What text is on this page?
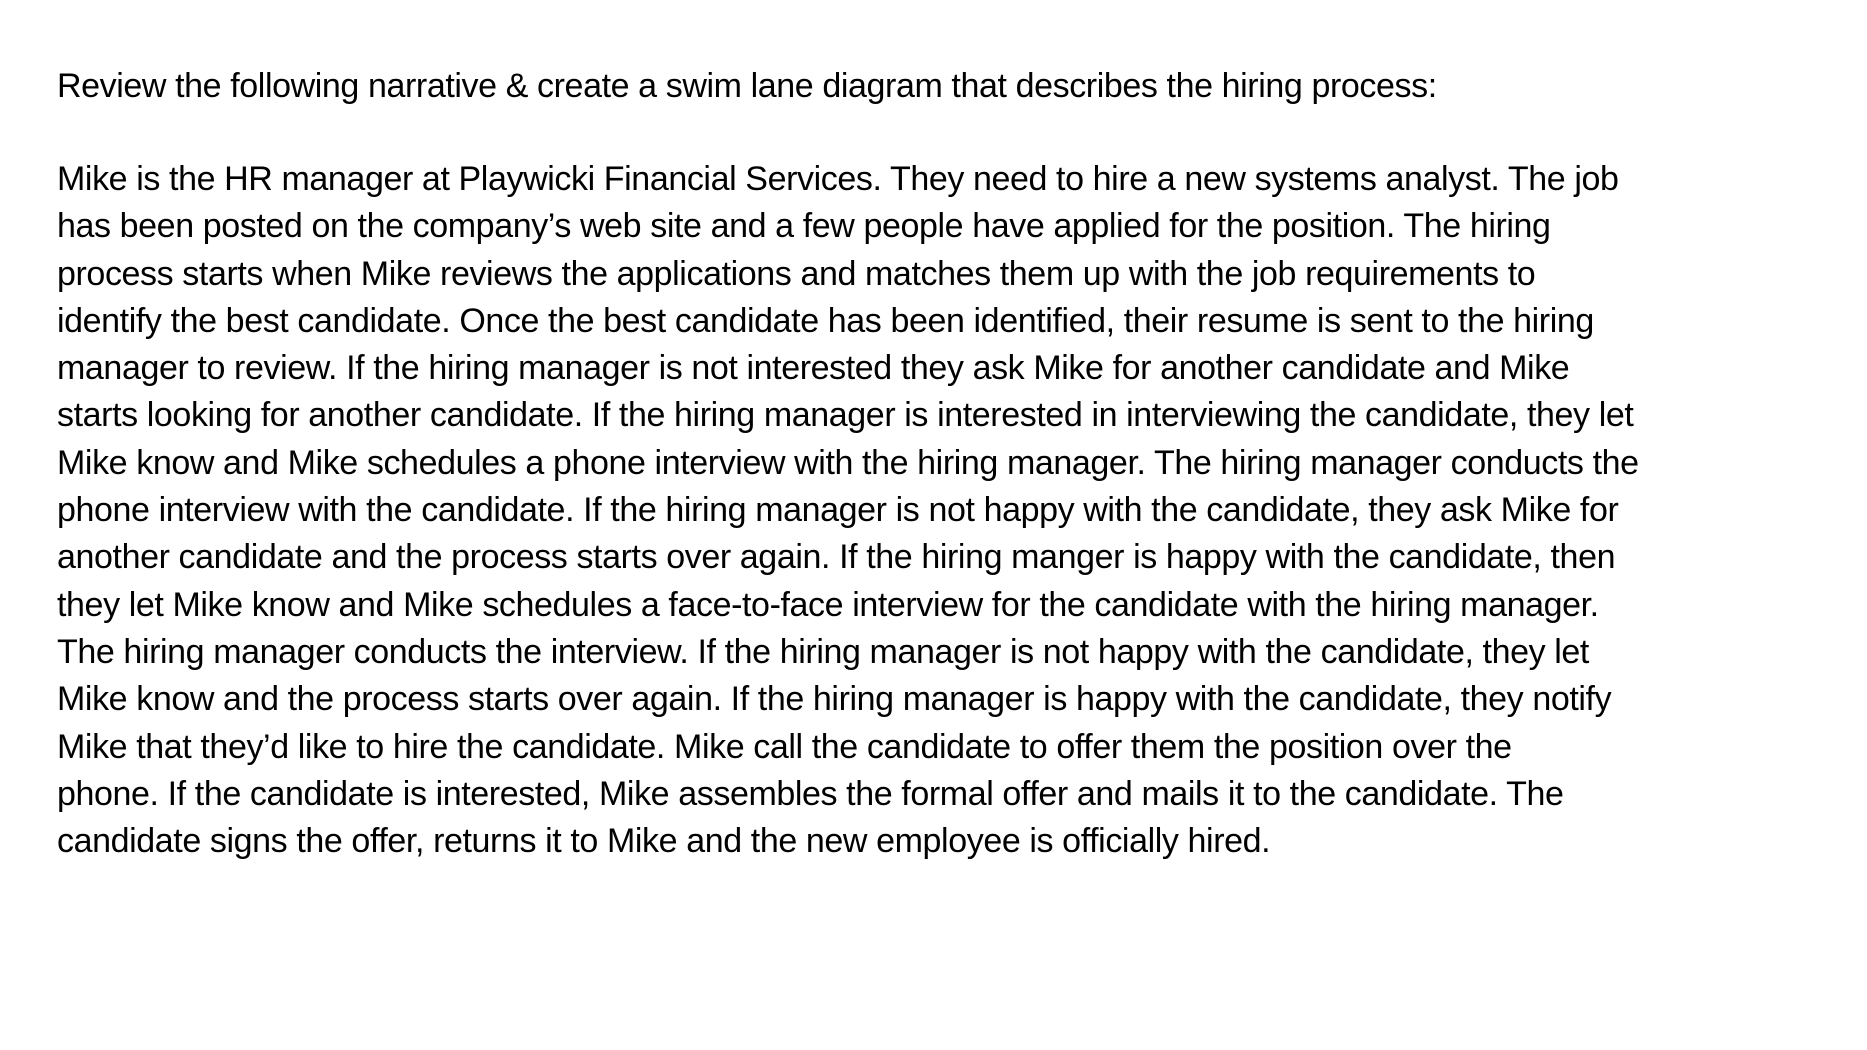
Review the following narrative & create a swim lane diagram that describes the hiring process:

Mike is the HR manager at Playwicki Financial Services. They need to hire a new systems analyst. The job
has been posted on the company’s web site and a few people have applied for the position. The hiring
process starts when Mike reviews the applications and matches them up with the job requirements to
identify the best candidate. Once the best candidate has been identified, their resume is sent to the hiring
manager to review. If the hiring manager is not interested they ask Mike for another candidate and Mike
starts looking for another candidate. If the hiring manager is interested in interviewing the candidate, they let
Mike know and Mike schedules a phone interview with the hiring manager. The hiring manager conducts the
phone interview with the candidate. If the hiring manager is not happy with the candidate, they ask Mike for
another candidate and the process starts over again. If the hiring manger is happy with the candidate, then
they let Mike know and Mike schedules a face-to-face interview for the candidate with the hiring manager.
The hiring manager conducts the interview. If the hiring manager is not happy with the candidate, they let
Mike know and the process starts over again. If the hiring manager is happy with the candidate, they notify
Mike that they’d like to hire the candidate. Mike call the candidate to offer them the position over the
phone. If the candidate is interested, Mike assembles the formal offer and mails it to the candidate. The
candidate signs the offer, returns it to Mike and the new employee is officially hired.
